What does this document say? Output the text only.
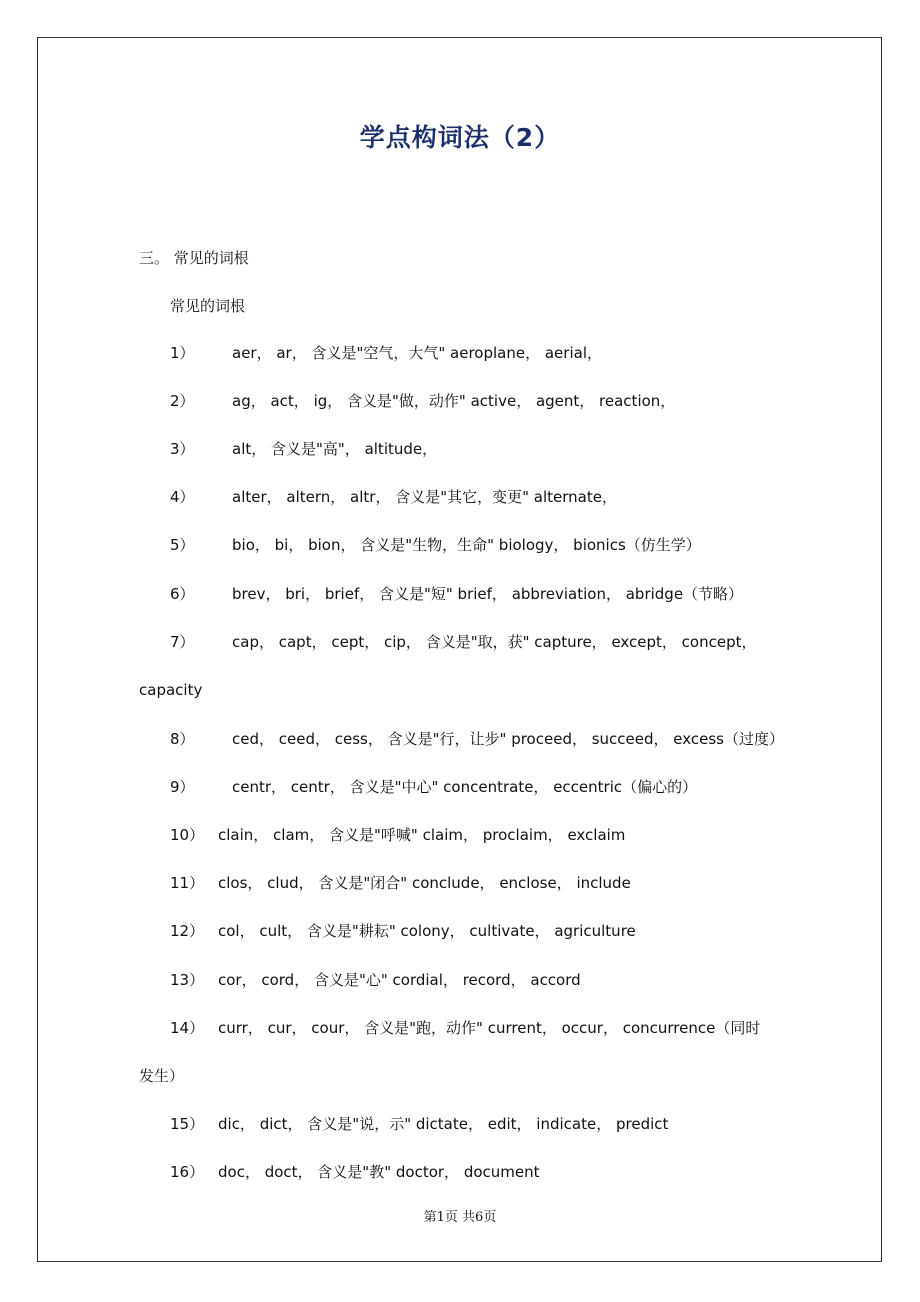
学点构词法（2）
三。 常见的词根
常见的词根
1） aer， ar， 含义是"空气，大气" aeroplane， aerial，
2） ag， act， ig， 含义是"做，动作" active， agent， reaction，
3） alt， 含义是"高"， altitude，
4） alter， altern， altr， 含义是"其它，变更" alternate，
5） bio， bi， bion， 含义是"生物，生命" biology， bionics（仿生学）
6） brev， bri， brief， 含义是"短" brief， abbreviation， abridge（节略）
7） cap， capt， cept， cip， 含义是"取，获" capture， except， concept，
capacity
8） ced， ceed， cess， 含义是"行，让步" proceed， succeed， excess（过度）
9） centr， centr， 含义是"中心" concentrate， eccentric（偏心的）
10） clain， clam， 含义是"呼喊" claim， proclaim， exclaim
11） clos， clud， 含义是"闭合" conclude， enclose， include
12） col， cult， 含义是"耕耘" colony， cultivate， agriculture
13） cor， cord， 含义是"心" cordial， record， accord
14） curr， cur， cour， 含义是"跑，动作" current， occur， concurrence（同时
发生）
15） dic， dict， 含义是"说，示" dictate， edit， indicate， predict
16） doc， doct， 含义是"教" doctor， document
第1页 共6页
